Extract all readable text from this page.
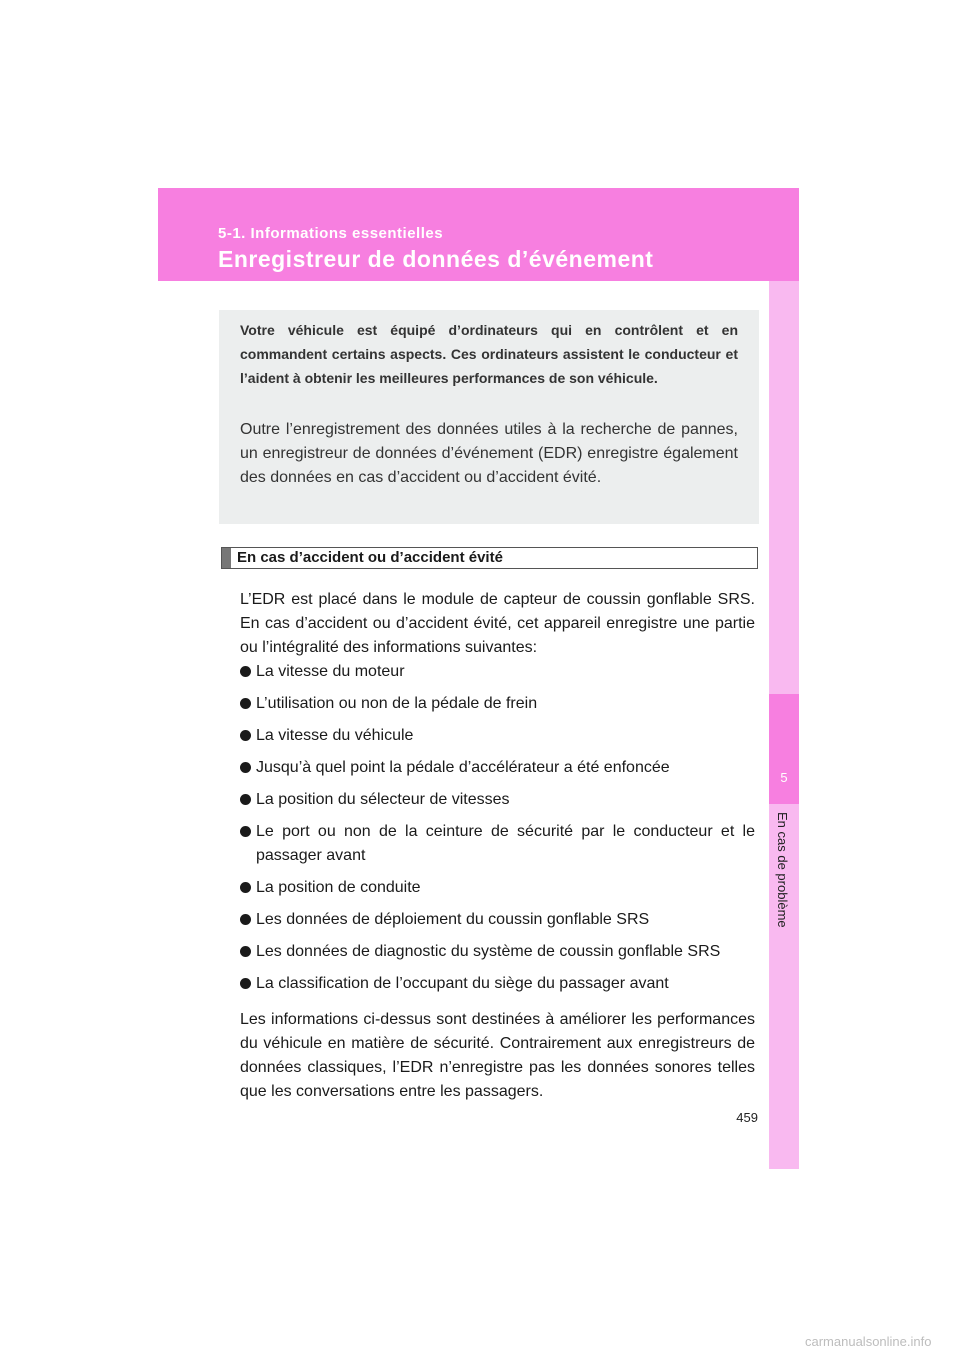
5-1. Informations essentielles
Enregistreur de données d’événement
5
En cas de problème

Votre véhicule est équipé d’ordinateurs qui en contrôlent et en commandent certains aspects. Ces ordinateurs assistent le conducteur et l’aident à obtenir les meilleures performances de son véhicule.

Outre l’enregistrement des données utiles à la recherche de pannes, un enregistreur de données d’événement (EDR) enregistre également des données en cas d’accident ou d’accident évité.

En cas d’accident ou d’accident évité

L’EDR est placé dans le module de capteur de coussin gonflable SRS. En cas d’accident ou d’accident évité, cet appareil enregistre une partie ou l’intégralité des informations suivantes:

La vitesse du moteur
L’utilisation ou non de la pédale de frein
La vitesse du véhicule
Jusqu’à quel point la pédale d’accélérateur a été enfoncée
La position du sélecteur de vitesses
Le port ou non de la ceinture de sécurité par le conducteur et le passager avant
La position de conduite
Les données de déploiement du coussin gonflable SRS
Les données de diagnostic du système de coussin gonflable SRS
La classification de l’occupant du siège du passager avant

Les informations ci-dessus sont destinées à améliorer les performances du véhicule en matière de sécurité. Contrairement aux enregistreurs de données classiques, l’EDR n’enregistre pas les données sonores telles que les conversations entre les passagers.

459
carmanualsonline.info
